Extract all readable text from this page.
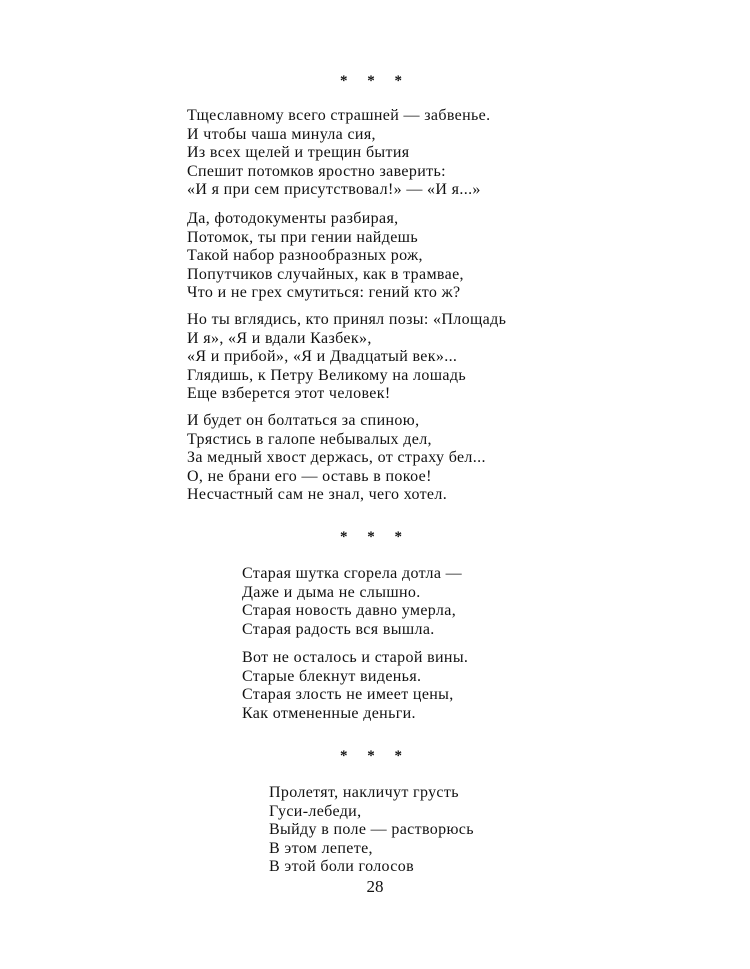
* * *
Тщеславному всего страшней — забвенье.
И чтобы чаша минула сия,
Из всех щелей и трещин бытия
Спешит потомков яростно заверить:
«И я при сем присутствовал!» — «И я...»
Да, фотодокументы разбирая,
Потомок, ты при гении найдешь
Такой набор разнообразных рож,
Попутчиков случайных, как в трамвае,
Что и не грех смутиться: гений кто ж?
Но ты вглядись, кто принял позы: «Площадь
И я», «Я и вдали Казбек»,
«Я и прибой», «Я и Двадцатый век»...
Глядишь, к Петру Великому на лошадь
Еще взберется этот человек!
И будет он болтаться за спиною,
Трястись в галопе небывалых дел,
За медный хвост держась, от страху бел...
О, не брани его — оставь в покое!
Несчастный сам не знал, чего хотел.
* * *
Старая шутка сгорела дотла —
Даже и дыма не слышно.
Старая новость давно умерла,
Старая радость вся вышла.
Вот не осталось и старой вины.
Старые блекнут виденья.
Старая злость не имеет цены,
Как отмененные деньги.
* * *
Пролетят, накличут грусть
Гуси-лебеди,
Выйду в поле — растворюсь
В этом лепете,
В этой боли голосов
28
